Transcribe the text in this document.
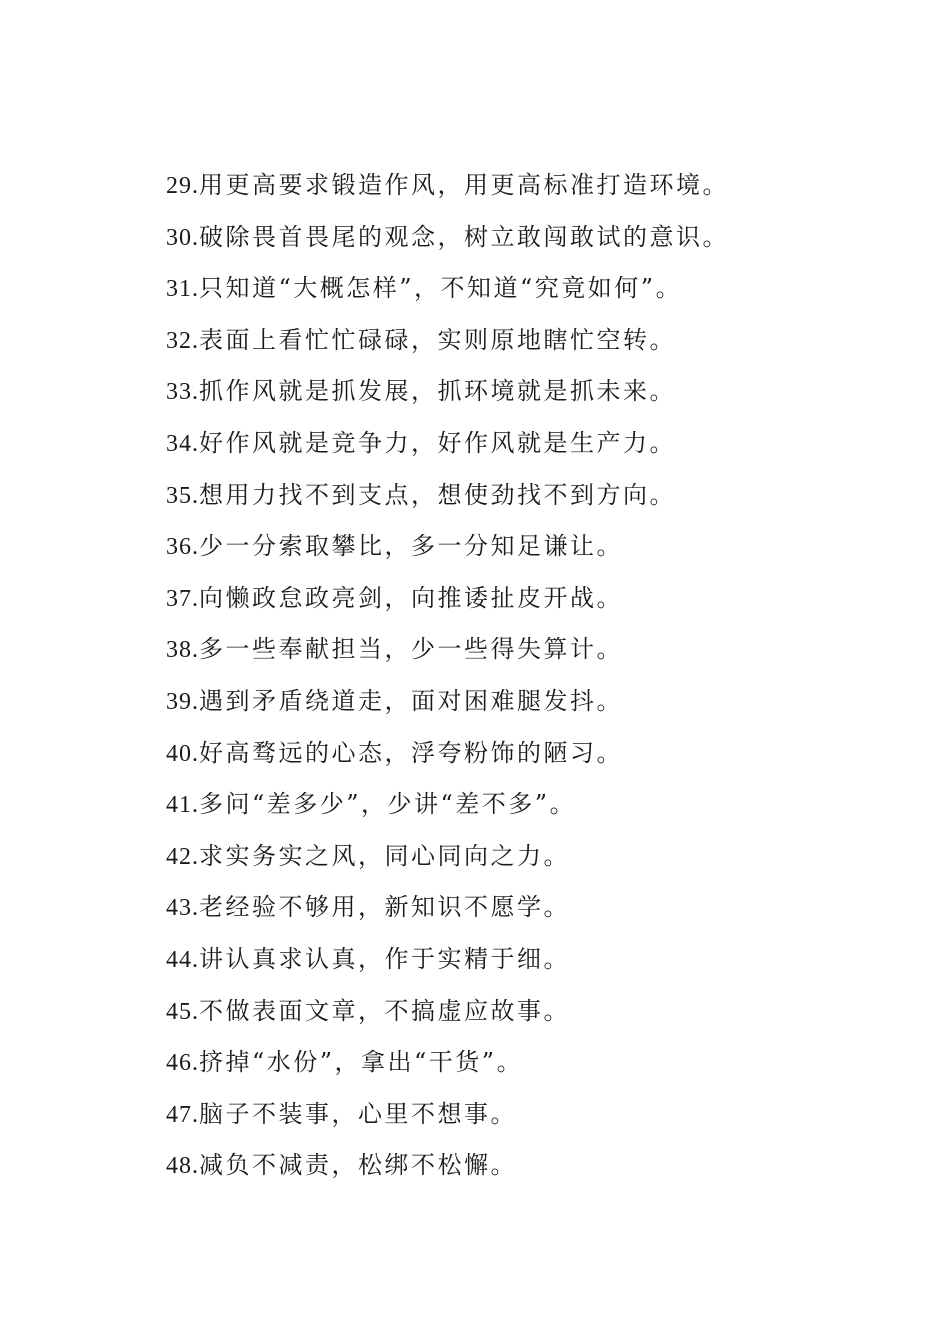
29.用更高要求锻造作风，用更高标准打造环境。
30.破除畏首畏尾的观念，树立敢闯敢试的意识。
31.只知道“大概怎样”，不知道“究竟如何”。
32.表面上看忙忙碌碌，实则原地瞎忙空转。
33.抓作风就是抓发展，抓环境就是抓未来。
34.好作风就是竞争力，好作风就是生产力。
35.想用力找不到支点，想使劲找不到方向。
36.少一分索取攀比，多一分知足谦让。
37.向懒政怠政亮剑，向推诿扯皮开战。
38.多一些奉献担当，少一些得失算计。
39.遇到矛盾绕道走，面对困难腿发抖。
40.好高骛远的心态，浮夸粉饰的陋习。
41.多问“差多少”，少讲“差不多”。
42.求实务实之风，同心同向之力。
43.老经验不够用，新知识不愿学。
44.讲认真求认真，作于实精于细。
45.不做表面文章，不搞虚应故事。
46.挤掉“水份”，拿出“干货”。
47.脑子不装事，心里不想事。
48.减负不减责，松绑不松懈。
